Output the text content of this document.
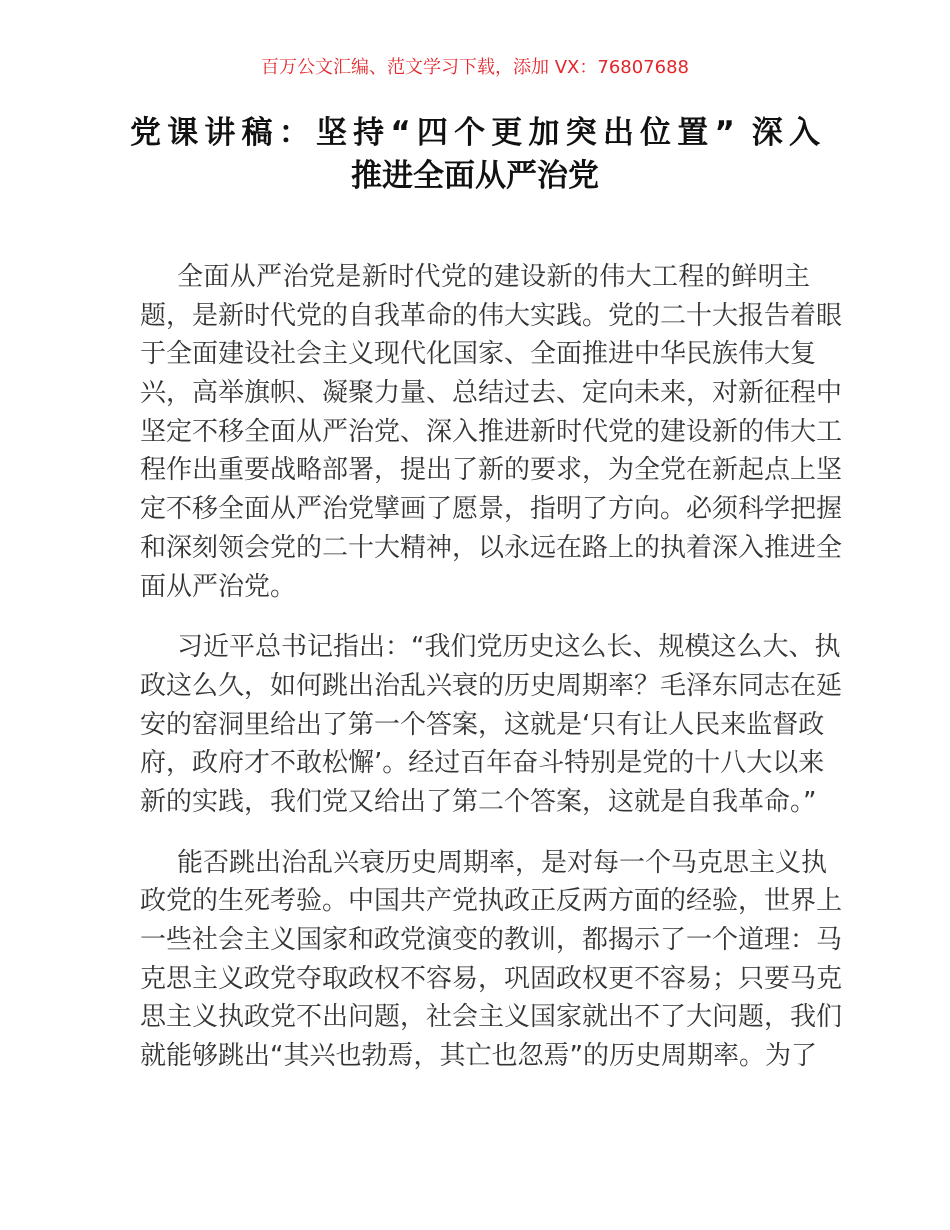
百万公文汇编、范文学习下载，添加 VX：76807688
党课讲稿：坚持“四个更加突出位置” 深入
推进全面从严治党
全面从严治党是新时代党的建设新的伟大工程的鲜明主
题，是新时代党的自我革命的伟大实践。党的二十大报告着眼
于全面建设社会主义现代化国家、全面推进中华民族伟大复
兴，高举旗帜、凝聚力量、总结过去、定向未来，对新征程中
坚定不移全面从严治党、深入推进新时代党的建设新的伟大工
程作出重要战略部署，提出了新的要求，为全党在新起点上坚
定不移全面从严治党擘画了愿景，指明了方向。必须科学把握
和深刻领会党的二十大精神，以永远在路上的执着深入推进全
面从严治党。
习近平总书记指出：“我们党历史这么长、规模这么大、执
政这么久，如何跳出治乱兴衰的历史周期率？毛泽东同志在延
安的窑洞里给出了第一个答案，这就是‘只有让人民来监督政
府，政府才不敢松懈’。经过百年奋斗特别是党的十八大以来
新的实践，我们党又给出了第二个答案，这就是自我革命。”
能否跳出治乱兴衰历史周期率，是对每一个马克思主义执
政党的生死考验。中国共产党执政正反两方面的经验，世界上
一些社会主义国家和政党演变的教训，都揭示了一个道理：马
克思主义政党夺取政权不容易，巩固政权更不容易；只要马克
思主义执政党不出问题，社会主义国家就出不了大问题，我们
就能够跳出“其兴也勃焉，其亡也忽焉”的历史周期率。为了
